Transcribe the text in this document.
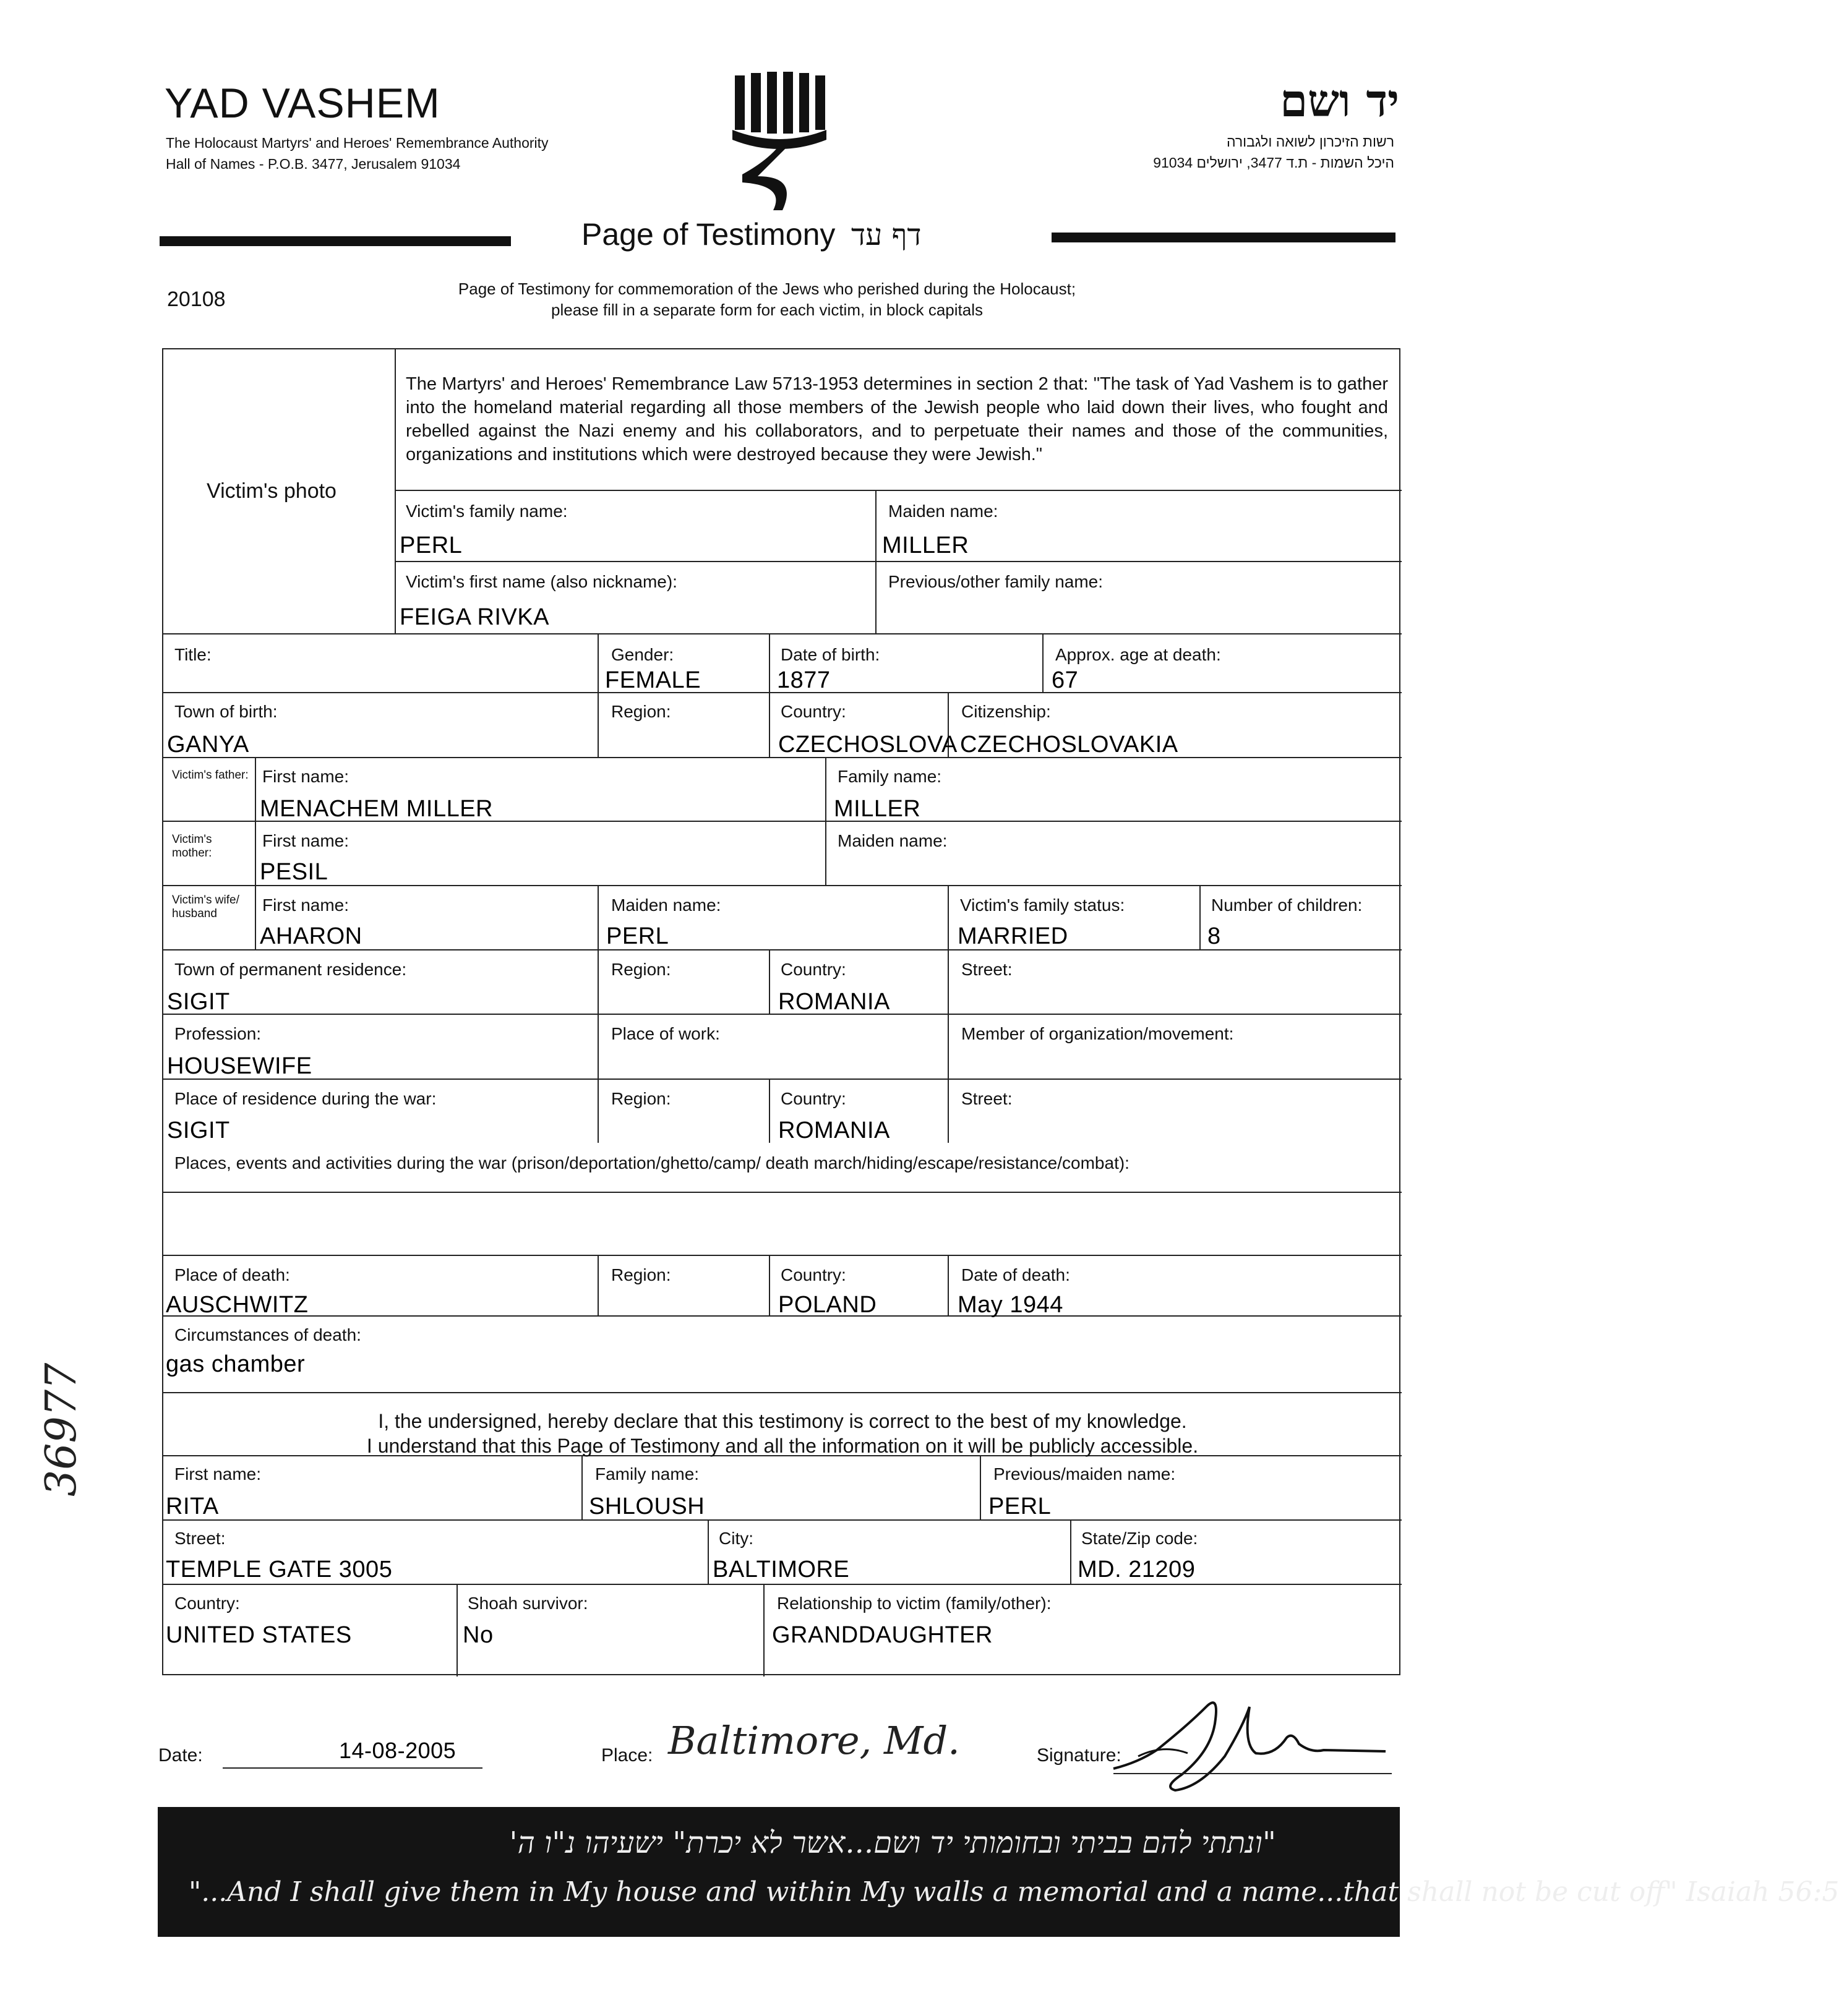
YAD VASHEM
The Holocaust Martyrs' and Heroes' Remembrance Authority
Hall of Names - P.O.B. 3477, Jerusalem 91034
יד ושם
רשות הזיכרון לשואה ולגבורה
היכל השמות - ת.ד 3477, ירושלים 91034
Page of Testimony דף עד
20108	Page of Testimony for commemoration of the Jews who perished during the Holocaust;
please fill in a separate form for each victim, in block capitals
Victim's photo
The Martyrs' and Heroes' Remembrance Law 5713-1953 determines in section 2 that: "The task of Yad Vashem is to gather into the homeland material regarding all those members of the Jewish people who laid down their lives, who fought and rebelled against the Nazi enemy and his collaborators, and to perpetuate their names and those of the communities, organizations and institutions which were destroyed because they were Jewish."
Victim's family name:
PERL
Maiden name:
MILLER
Victim's first name (also nickname):
FEIGA RIVKA
Previous/other family name:
Title:	Gender:
FEMALE
Date of birth:
1877
Approx. age at death:
67
Town of birth:
GANYA
Region:	Country:
CZECHOSLOVA
Citizenship:
CZECHOSLOVAKIA
Victim's father: First name:
MENACHEM MILLER
Family name:
MILLER
Victim's mother:
First name:
PESIL
Maiden name:
Victim's wife/ husband	First name:
AHARON
Maiden name:
PERL
Victim's family status:
MARRIED
Number of children:
8
Town of permanent residence:
SIGIT
Region:	Country:
ROMANIA
Street:
Profession:
HOUSEWIFE
Place of work:	Member of organization/movement:
Place of residence during the war:
SIGIT
Region:	Country:
ROMANIA
Street:
Places, events and activities during the war (prison/deportation/ghetto/camp/ death march/hiding/escape/resistance/combat):
Place of death:
AUSCHWITZ
Region:	Country:
POLAND
Date of death:
May 1944
Circumstances of death:
gas chamber
I, the undersigned, hereby declare that this testimony is correct to the best of my knowledge.
I understand that this Page of Testimony and all the information on it will be publicly accessible.
First name:
RITA
Family name:
SHLOUSH
Previous/maiden name:
PERL
Street:
TEMPLE GATE 3005
City:
BALTIMORE
State/Zip code:
MD. 21209
Country:
UNITED STATES
Shoah survivor:
No
Relationship to victim (family/other):
GRANDDAUGHTER
Date:	14-08-2005	Place: Baltimore, Md.	Signature:
"ונתתי להם בביתי ובחומותי יד ושם...אשר לא יכרת" ישעיהו נ"ו ה'
"...And I shall give them in My house and within My walls a memorial and a name...that shall not be cut off" Isaiah 56:5
36977
